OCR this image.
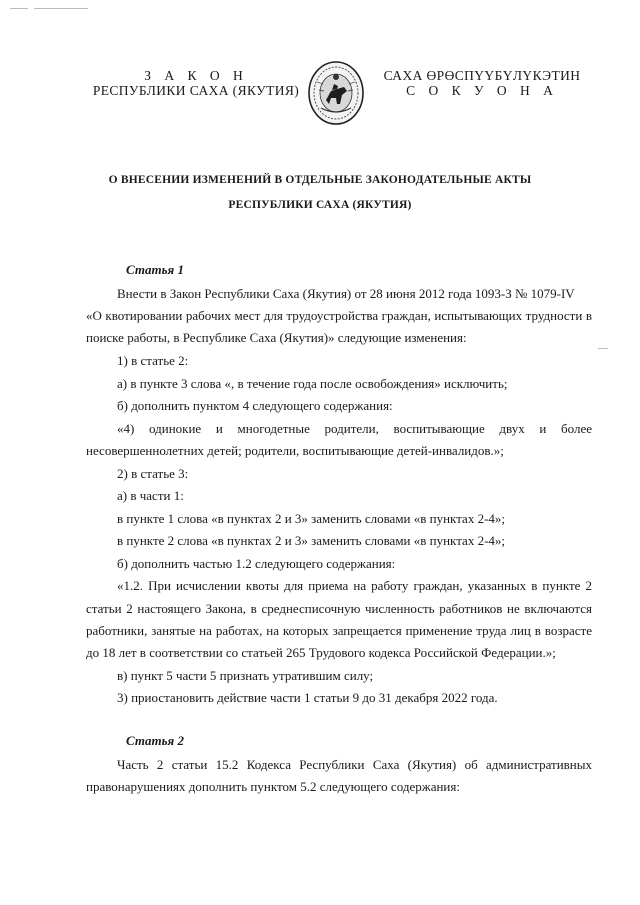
З А К О Н
РЕСПУБЛИКИ САХА (ЯКУТИЯ)
САХА ӨРӨСПҮҮБҮЛҮКЭТИН
С О К У О Н А
О ВНЕСЕНИИ ИЗМЕНЕНИЙ В ОТДЕЛЬНЫЕ ЗАКОНОДАТЕЛЬНЫЕ АКТЫ
РЕСПУБЛИКИ САХА (ЯКУТИЯ)
Статья 1
Внести в Закон Республики Саха (Якутия) от 28 июня 2012 года 1093-З № 1079-IV
«О квотировании рабочих мест для трудоустройства граждан, испытывающих трудности в
поиске работы, в Республике Саха (Якутия)» следующие изменения:
1) в статье 2:
а) в пункте 3 слова «, в течение года после освобождения» исключить;
б) дополнить пунктом 4 следующего содержания:
«4) одинокие и многодетные родители, воспитывающие двух и более
несовершеннолетних детей; родители, воспитывающие детей-инвалидов.»;
2) в статье 3:
а) в части 1:
в пункте 1 слова «в пунктах 2 и 3» заменить словами «в пунктах 2-4»;
в пункте 2 слова «в пунктах 2 и 3» заменить словами «в пунктах 2-4»;
б) дополнить частью 1.2 следующего содержания:
«1.2. При исчислении квоты для приема на работу граждан, указанных в пункте 2
статьи 2 настоящего Закона, в среднесписочную численность работников не включаются
работники, занятые на работах, на которых запрещается применение труда лиц в возрасте
до 18 лет в соответствии со статьей 265 Трудового кодекса Российской Федерации.»;
в) пункт 5 части 5 признать утратившим силу;
3) приостановить действие части 1 статьи 9 до 31 декабря 2022 года.
Статья 2
Часть 2 статьи 15.2 Кодекса Республики Саха (Якутия) об административных
правонарушениях дополнить пунктом 5.2 следующего содержания:
